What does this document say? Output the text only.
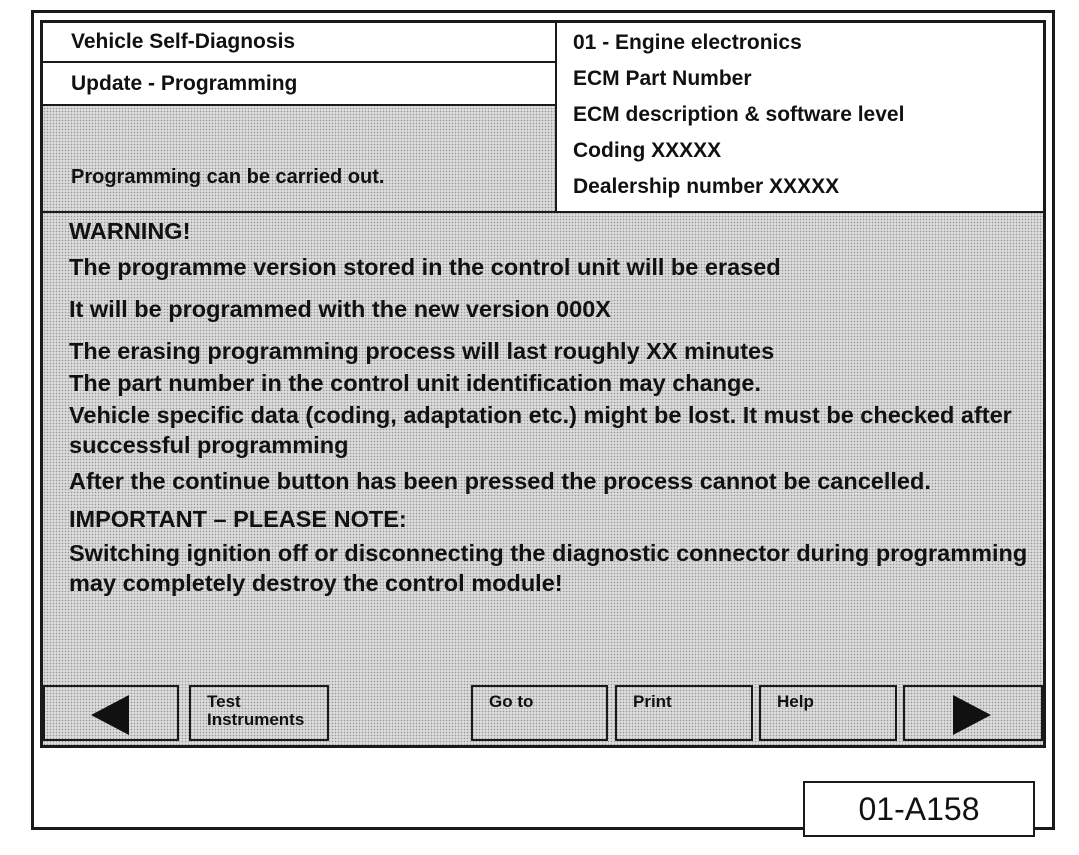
Vehicle Self-Diagnosis
Update - Programming
Programming can be carried out.
01 - Engine electronics
ECM Part Number
ECM description & software level
Coding XXXXX
Dealership number XXXXX
WARNING!
The programme version stored in the control unit will be erased
It will be programmed with the new version 000X
The erasing programming process will last roughly XX minutes
The part number in the control unit identification may change.
Vehicle specific data (coding, adaptation etc.) might be lost. It must be checked after successful programming
After the continue button has been pressed the process cannot be cancelled.
IMPORTANT – PLEASE NOTE:
Switching ignition off or disconnecting the diagnostic connector during programming may completely destroy the control module!
Test
Instruments
Go to	Print	Help
01-A158
